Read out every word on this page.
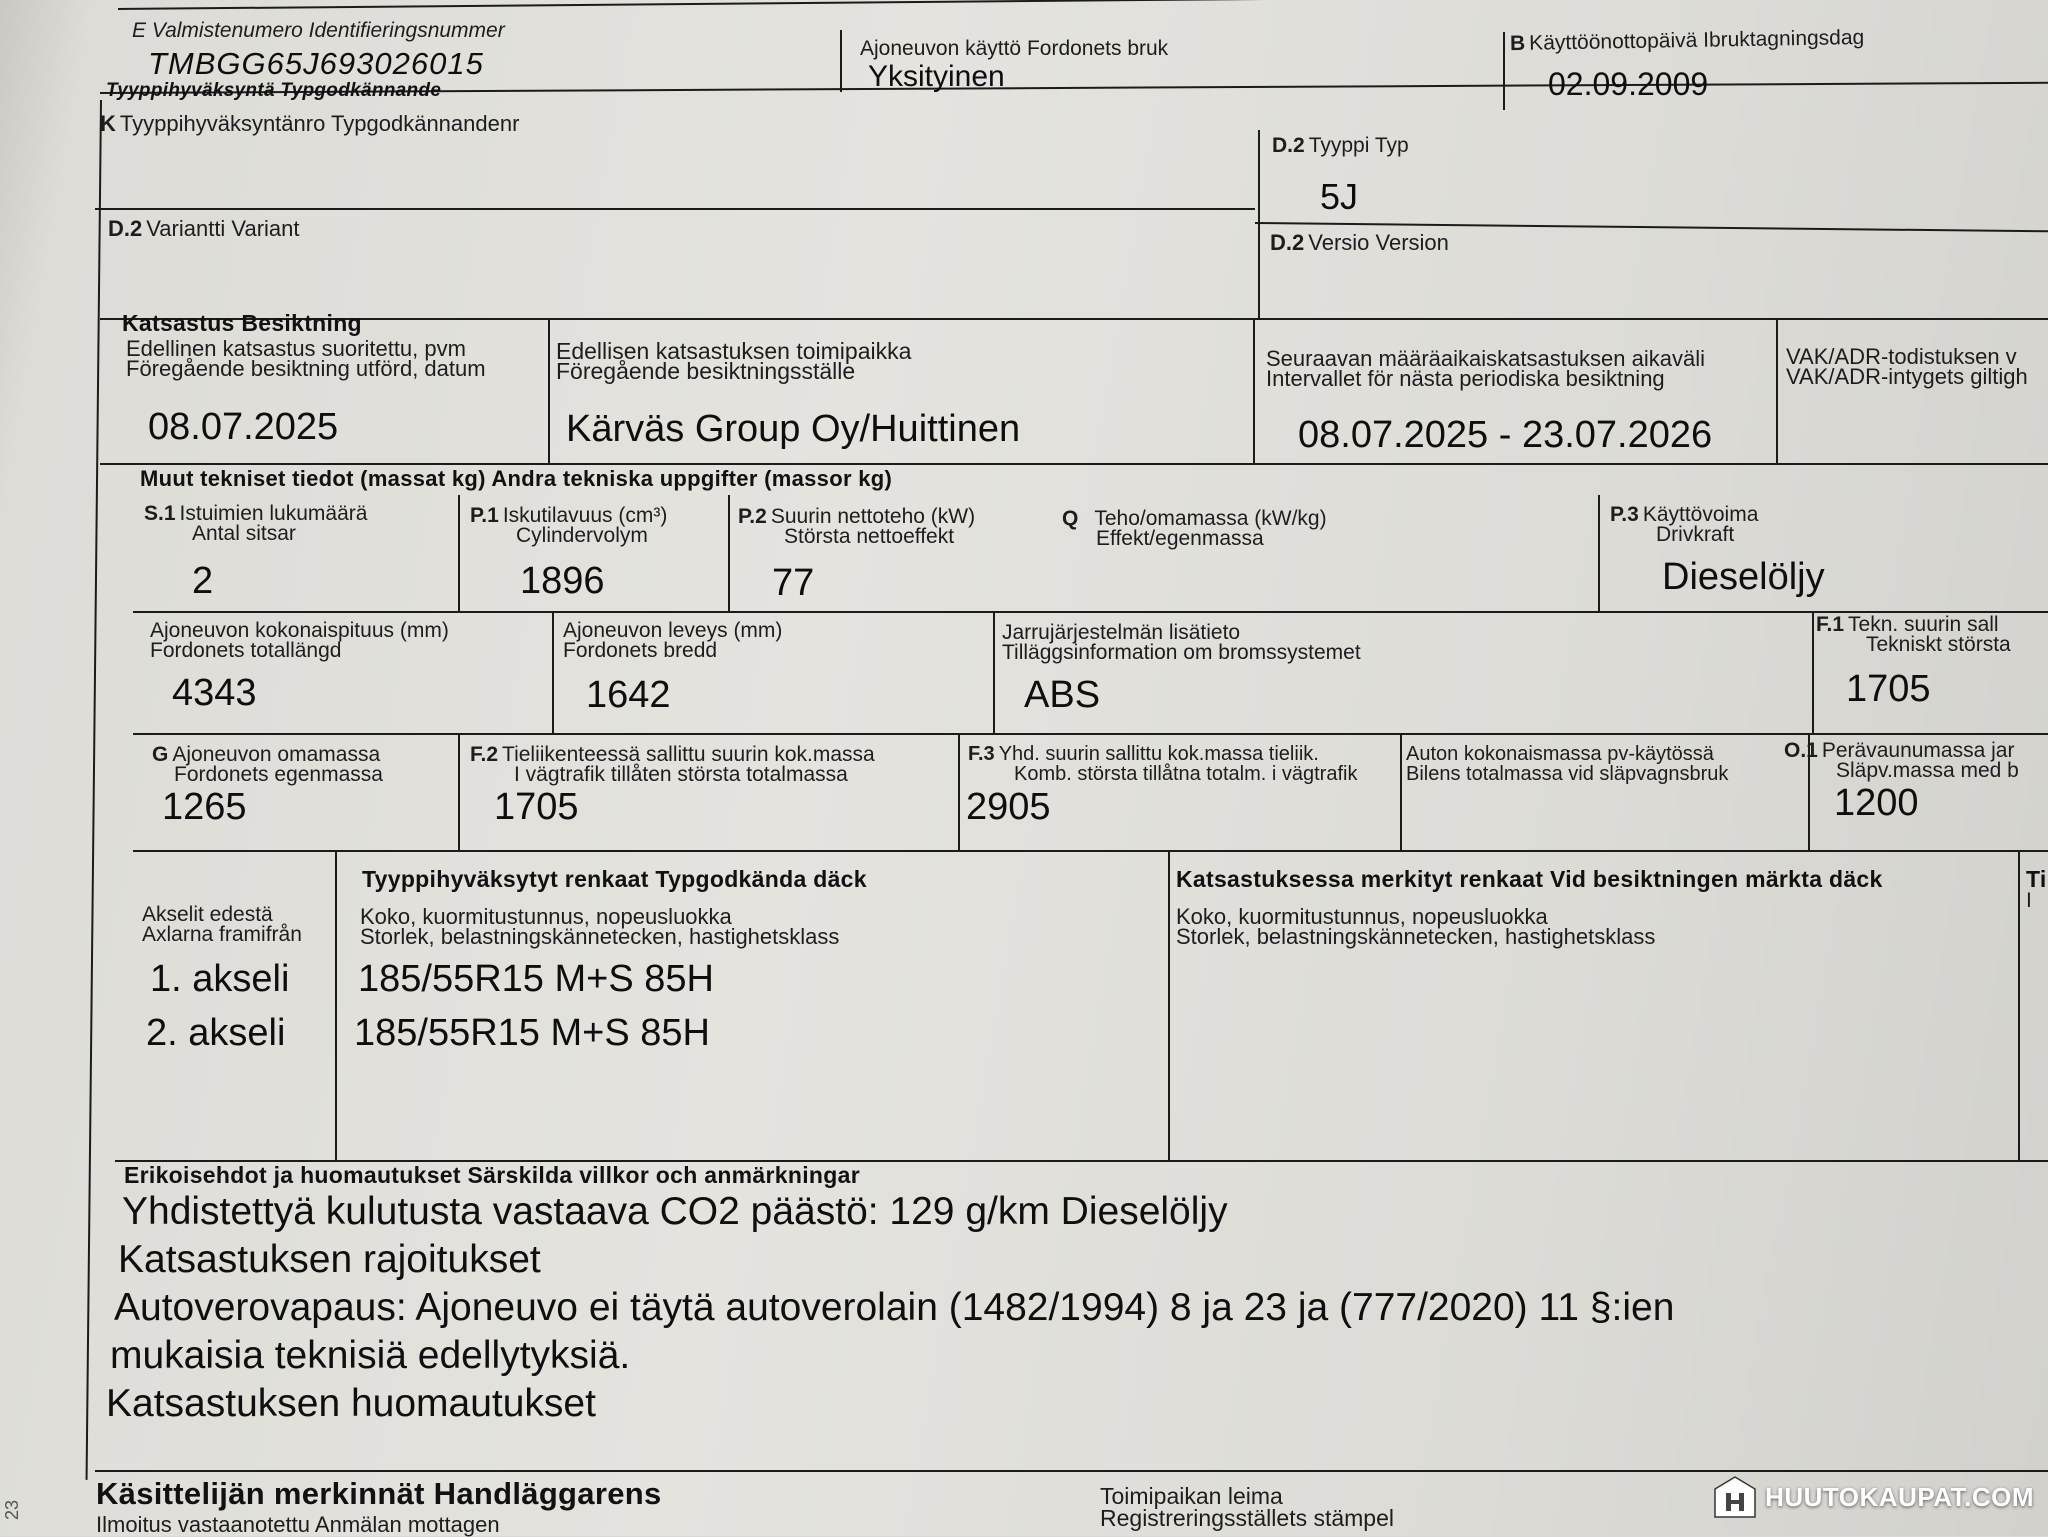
E Valmistenumero Identifieringsnummer
TMBGG65J693026015	Ajoneuvon käyttö Fordonets bruk
Yksityinen
B Käyttöönottopäivä Ibruktagningsdag
02.09.2009
Tyyppihyväksyntä Typgodkännande
K Tyyppihyväksyntänro Typgodkännandenr
D.2 Tyyppi Typ
5J
D.2 Variantti Variant
D.2 Versio Version
Katsastus Besiktning
Edellinen katsastus suoritettu, pvm
Föregående besiktning utförd, datum
08.07.2025
Edellisen katsastuksen toimipaikka
Föregående besiktningsställe
Kärväs Group Oy/Huittinen
Seuraavan määräaikaiskatsastuksen aikaväli
Intervallet för nästa periodiska besiktning
08.07.2025 - 23.07.2026
VAK/ADR-todistuksen v
VAK/ADR-intygets giltigh
Muut tekniset tiedot (massat kg) Andra tekniska uppgifter (massor kg)
S.1 Istuimien lukumäärä
Antal sitsar
2
P.1 Iskutilavuus (cm³)
Cylindervolym
1896
P.2 Suurin nettoteho (kW)
Största nettoeffekt
77
Q Teho/omamassa (kW/kg)
Effekt/egenmassa
P.3 Käyttövoima
Drivkraft
Dieselöljy
Ajoneuvon kokonaispituus (mm)
Fordonets totallängd
4343
Ajoneuvon leveys (mm)
Fordonets bredd
1642
Jarrujärjestelmän lisätieto
Tilläggsinformation om bromssystemet
ABS
F.1 Tekn. suurin sall
Tekniskt största
1705
G Ajoneuvon omamassa
Fordonets egenmassa
1265
F.2 Tieliikenteessä sallittu suurin kok.massa
I vägtrafik tillåten största totalmassa
1705
F.3 Yhd. suurin sallittu kok.massa tieliik.
Komb. största tillåtna totalm. i vägtrafik
2905
Auton kokonaismassa pv-käytössä
Bilens totalmassa vid släpvagnsbruk
O.1 Perävaunumassa jar
Släpv.massa med b
1200
Akselit edestä
Axlarna framifrån
1. akseli
2. akseli
Tyyppihyväksytyt renkaat Typgodkända däck
Koko, kuormitustunnus, nopeusluokka
Storlek, belastningskännetecken, hastighetsklass
185/55R15 M+S 85H
185/55R15 M+S 85H
Katsastuksessa merkityt renkaat Vid besiktningen märkta däck
Koko, kuormitustunnus, nopeusluokka
Storlek, belastningskännetecken, hastighetsklass
Ti
I
Erikoisehdot ja huomautukset Särskilda villkor och anmärkningar
Yhdistettyä kulutusta vastaava CO2 päästö: 129 g/km Dieselöljy
Katsastuksen rajoitukset
Autoverovapaus: Ajoneuvo ei täytä autoverolain (1482/1994) 8 ja 23 ja (777/2020) 11 §:ien
mukaisia teknisiä edellytyksiä.
Katsastuksen huomautukset
Käsittelijän merkinnät Handläggarens
Ilmoitus vastaanotettu Anmälan mottagen
Toimipaikan leima
Registreringsställets stämpel
23	HUUTOKAUPAT.COM
